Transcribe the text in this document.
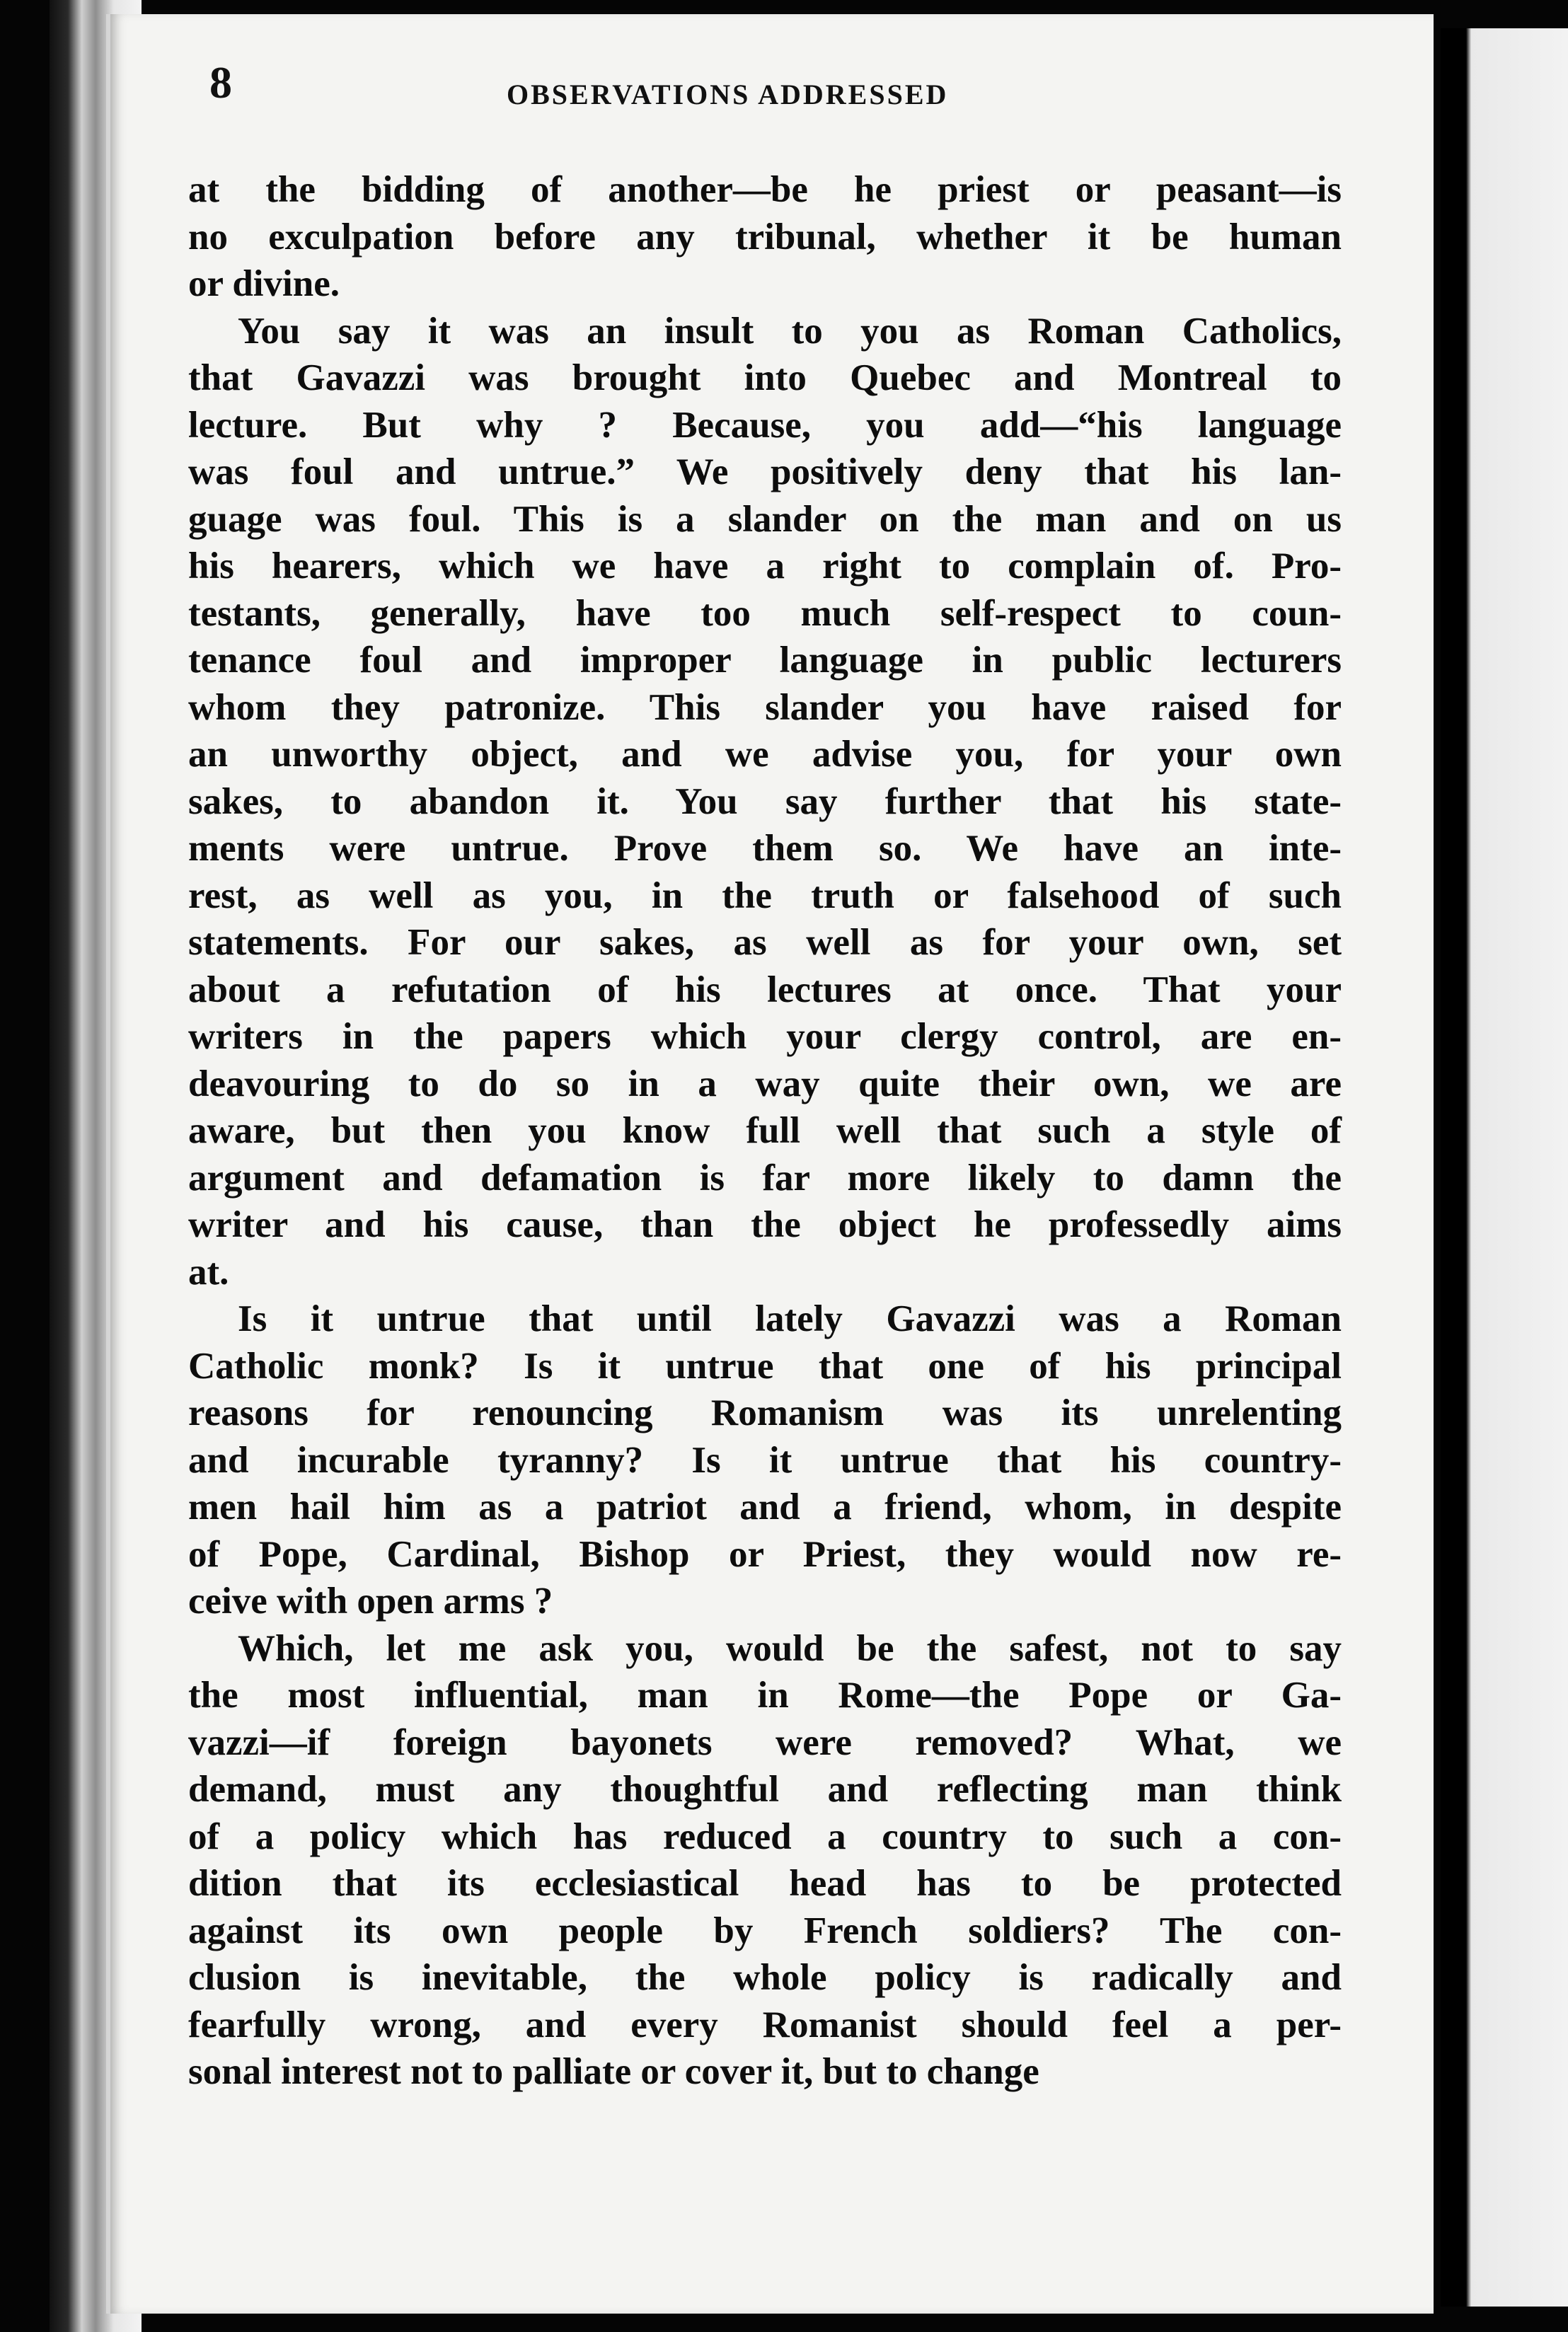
8	OBSERVATIONS ADDRESSED
at the bidding of another—be he priest or peasant—is
no exculpation before any tribunal, whether it be human
or divine.
You say it was an insult to you as Roman Catholics,
that Gavazzi was brought into Quebec and Montreal to
lecture. But why ? Because, you add—“his language
was foul and untrue.” We positively deny that his lan-
guage was foul. This is a slander on the man and on us
his hearers, which we have a right to complain of. Pro-
testants, generally, have too much self-respect to coun-
tenance foul and improper language in public lecturers
whom they patronize. This slander you have raised for
an unworthy object, and we advise you, for your own
sakes, to abandon it. You say further that his state-
ments were untrue. Prove them so. We have an inte-
rest, as well as you, in the truth or falsehood of such
statements. For our sakes, as well as for your own, set
about a refutation of his lectures at once. That your
writers in the papers which your clergy control, are en-
deavouring to do so in a way quite their own, we are
aware, but then you know full well that such a style of
argument and defamation is far more likely to damn the
writer and his cause, than the object he professedly aims
at.
Is it untrue that until lately Gavazzi was a Roman
Catholic monk? Is it untrue that one of his principal
reasons for renouncing Romanism was its unrelenting
and incurable tyranny? Is it untrue that his country-
men hail him as a patriot and a friend, whom, in despite
of Pope, Cardinal, Bishop or Priest, they would now re-
ceive with open arms ?
Which, let me ask you, would be the safest, not to say
the most influential, man in Rome—the Pope or Ga-
vazzi—if foreign bayonets were removed? What, we
demand, must any thoughtful and reflecting man think
of a policy which has reduced a country to such a con-
dition that its ecclesiastical head has to be protected
against its own people by French soldiers? The con-
clusion is inevitable, the whole policy is radically and
fearfully wrong, and every Romanist should feel a per-
sonal interest not to palliate or cover it, but to change
